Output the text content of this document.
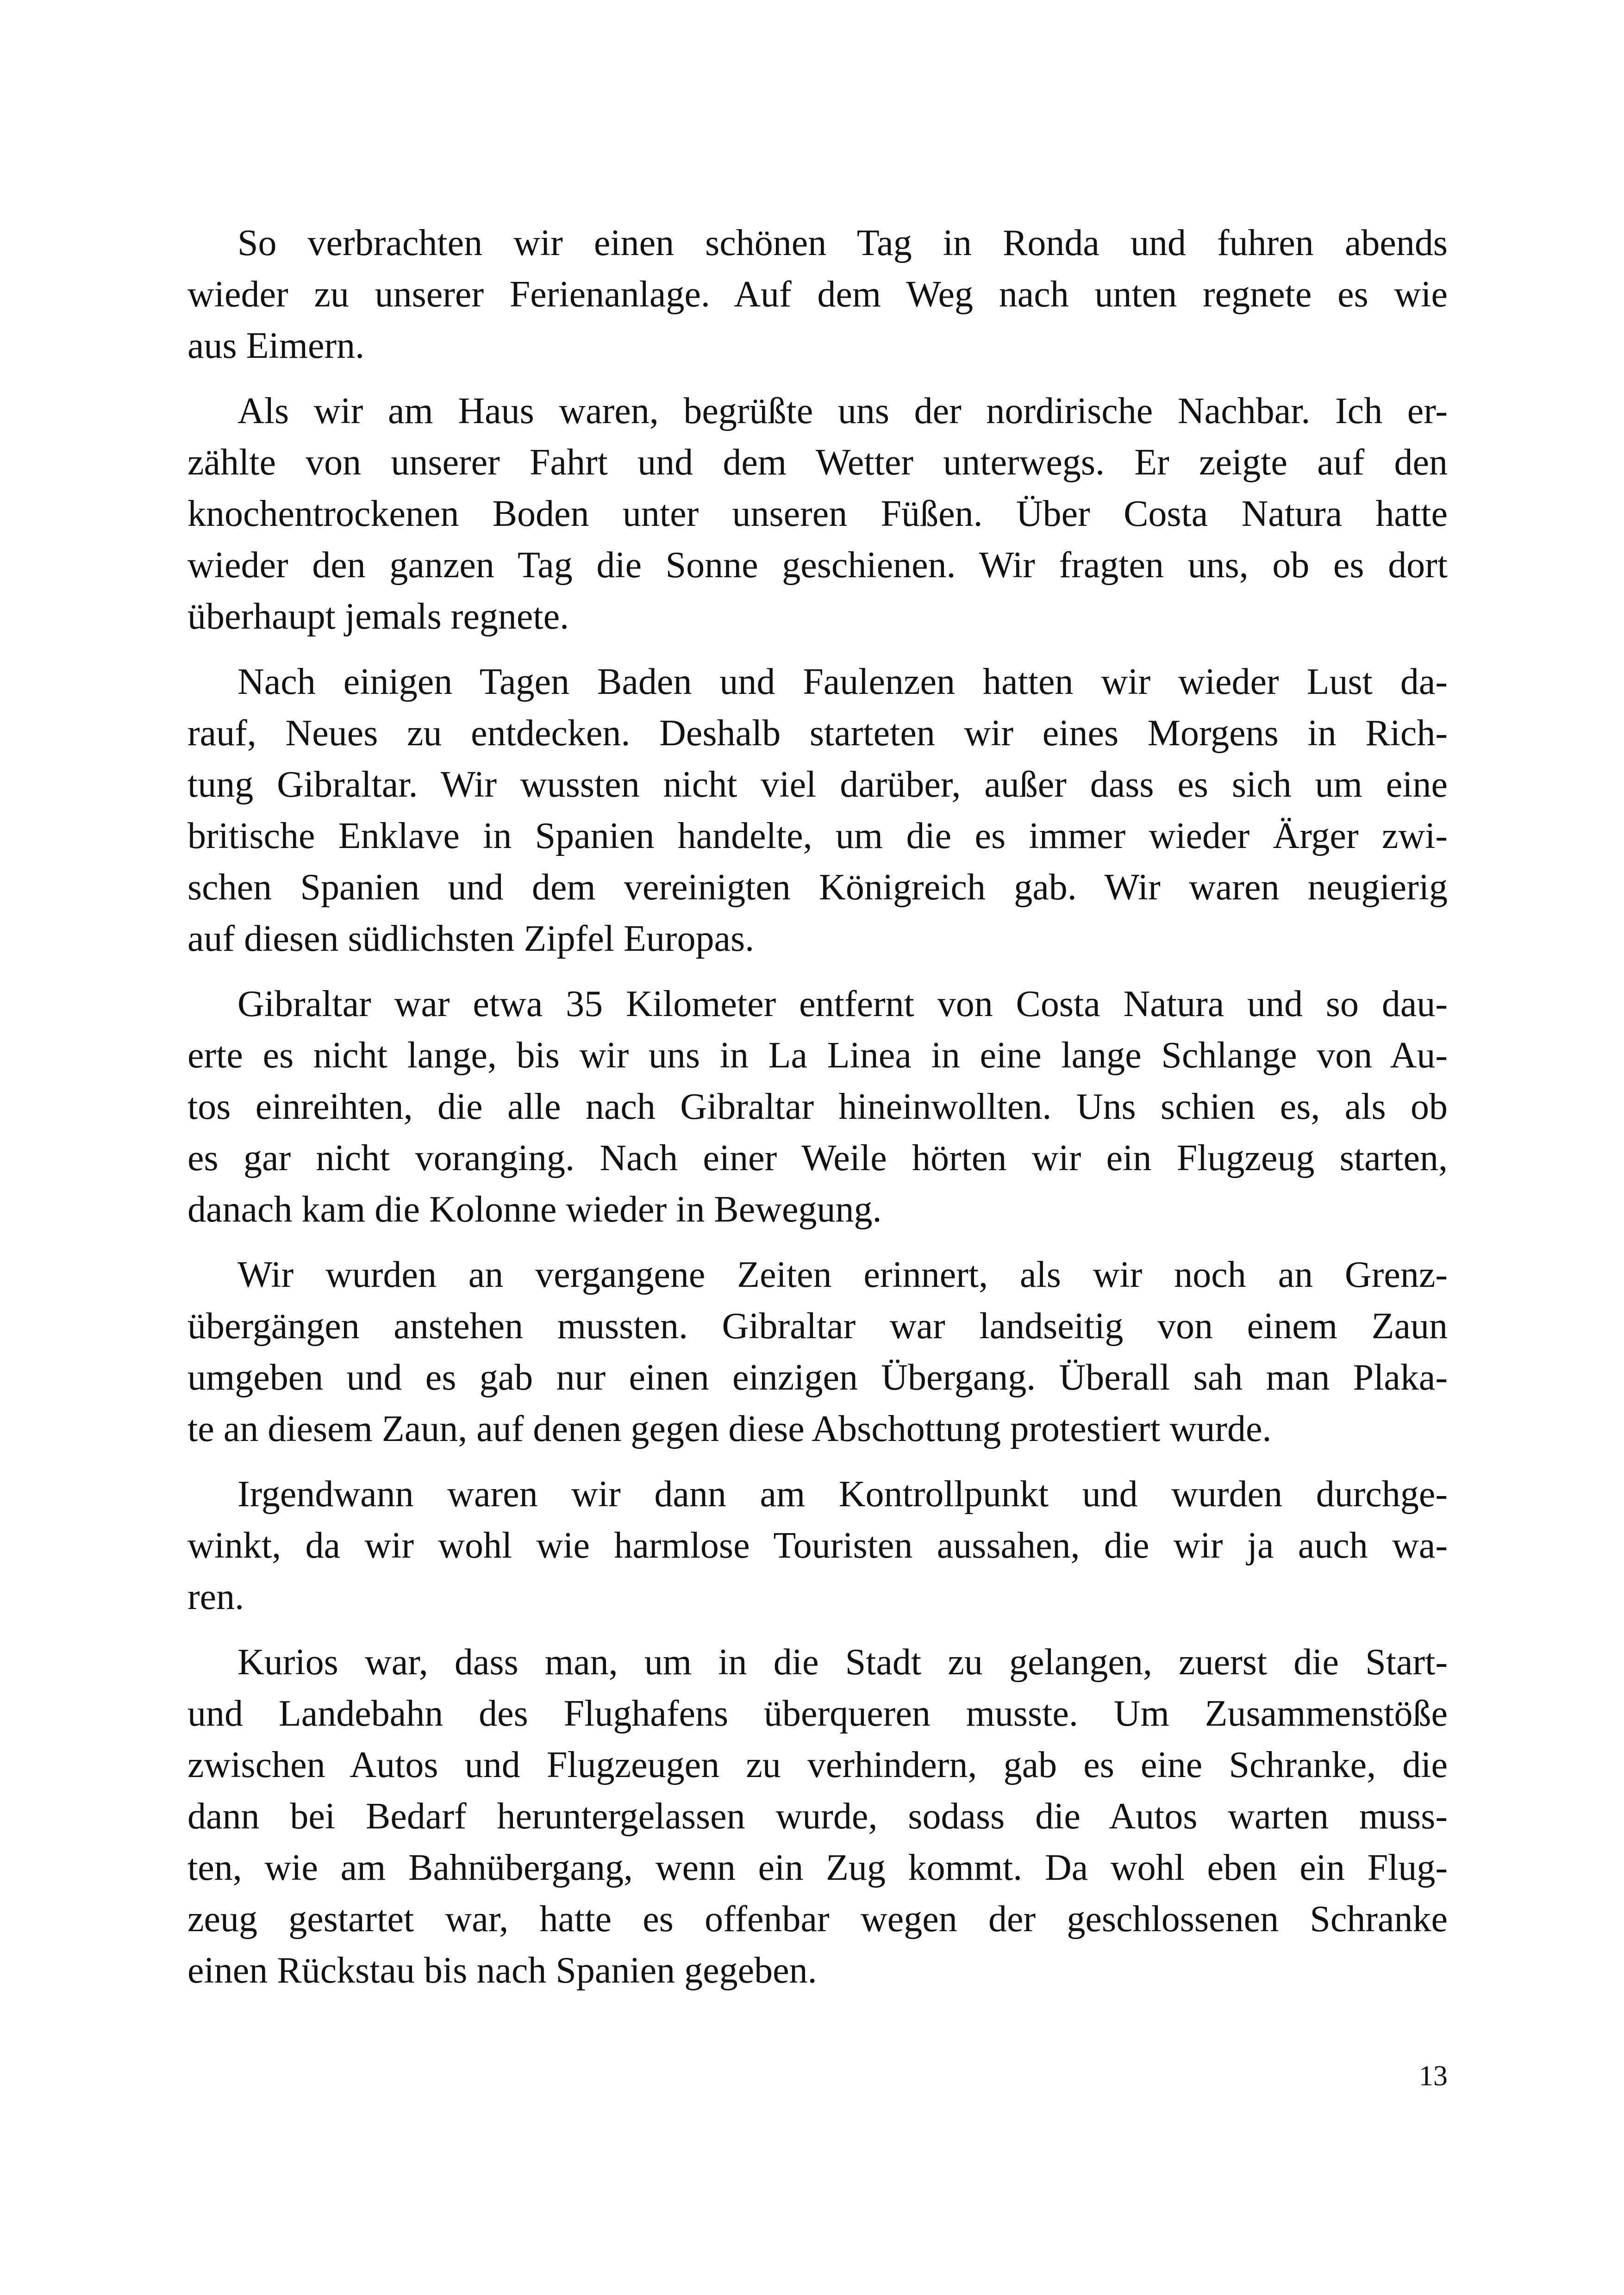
So verbrachten wir einen schönen Tag in Ronda und fuhren abends
wieder zu unserer Ferienanlage. Auf dem Weg nach unten regnete es wie
aus Eimern.

Als wir am Haus waren, begrüßte uns der nordirische Nachbar. Ich er-
zählte von unserer Fahrt und dem Wetter unterwegs. Er zeigte auf den
knochentrockenen Boden unter unseren Füßen. Über Costa Natura hatte
wieder den ganzen Tag die Sonne geschienen. Wir fragten uns, ob es dort
überhaupt jemals regnete.

Nach einigen Tagen Baden und Faulenzen hatten wir wieder Lust da-
rauf, Neues zu entdecken. Deshalb starteten wir eines Morgens in Rich-
tung Gibraltar. Wir wussten nicht viel darüber, außer dass es sich um eine
britische Enklave in Spanien handelte, um die es immer wieder Ärger zwi-
schen Spanien und dem vereinigten Königreich gab. Wir waren neugierig
auf diesen südlichsten Zipfel Europas.

Gibraltar war etwa 35 Kilometer entfernt von Costa Natura und so dau-
erte es nicht lange, bis wir uns in La Linea in eine lange Schlange von Au-
tos einreihten, die alle nach Gibraltar hineinwollten. Uns schien es, als ob
es gar nicht voranging. Nach einer Weile hörten wir ein Flugzeug starten,
danach kam die Kolonne wieder in Bewegung.

Wir wurden an vergangene Zeiten erinnert, als wir noch an Grenz-
übergängen anstehen mussten. Gibraltar war landseitig von einem Zaun
umgeben und es gab nur einen einzigen Übergang. Überall sah man Plaka-
te an diesem Zaun, auf denen gegen diese Abschottung protestiert wurde.

Irgendwann waren wir dann am Kontrollpunkt und wurden durchge-
winkt, da wir wohl wie harmlose Touristen aussahen, die wir ja auch wa-
ren.

Kurios war, dass man, um in die Stadt zu gelangen, zuerst die Start-
und Landebahn des Flughafens überqueren musste. Um Zusammenstöße
zwischen Autos und Flugzeugen zu verhindern, gab es eine Schranke, die
dann bei Bedarf heruntergelassen wurde, sodass die Autos warten muss-
ten, wie am Bahnübergang, wenn ein Zug kommt. Da wohl eben ein Flug-
zeug gestartet war, hatte es offenbar wegen der geschlossenen Schranke
einen Rückstau bis nach Spanien gegeben.

13
